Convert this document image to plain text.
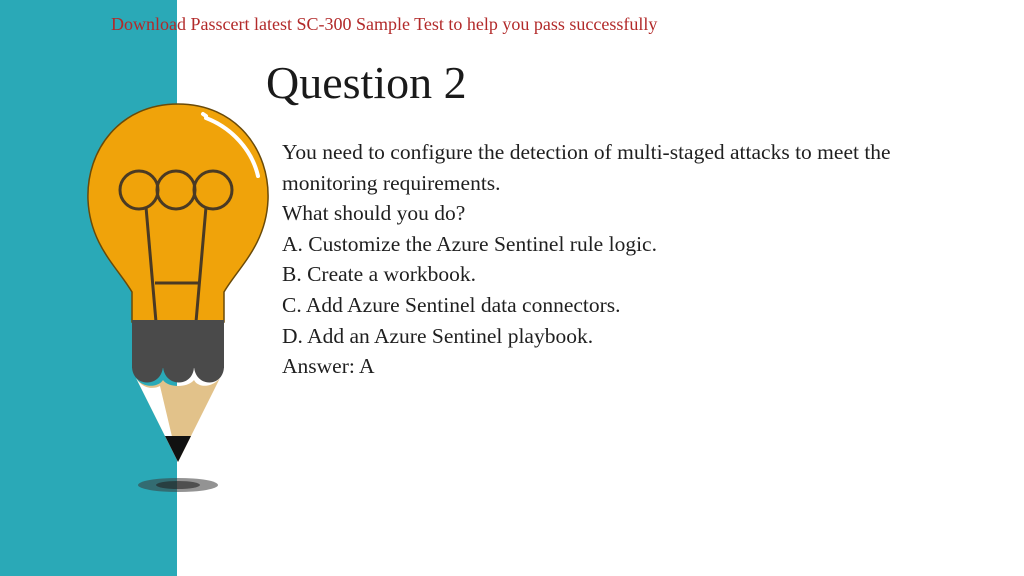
Download Passcert latest SC-300 Sample Test to help you pass successfully
Question 2
You need to configure the detection of multi-staged attacks to meet the
monitoring requirements.
What should you do?
A. Customize the Azure Sentinel rule logic.
B. Create a workbook.
C. Add Azure Sentinel data connectors.
D. Add an Azure Sentinel playbook.
Answer: A
